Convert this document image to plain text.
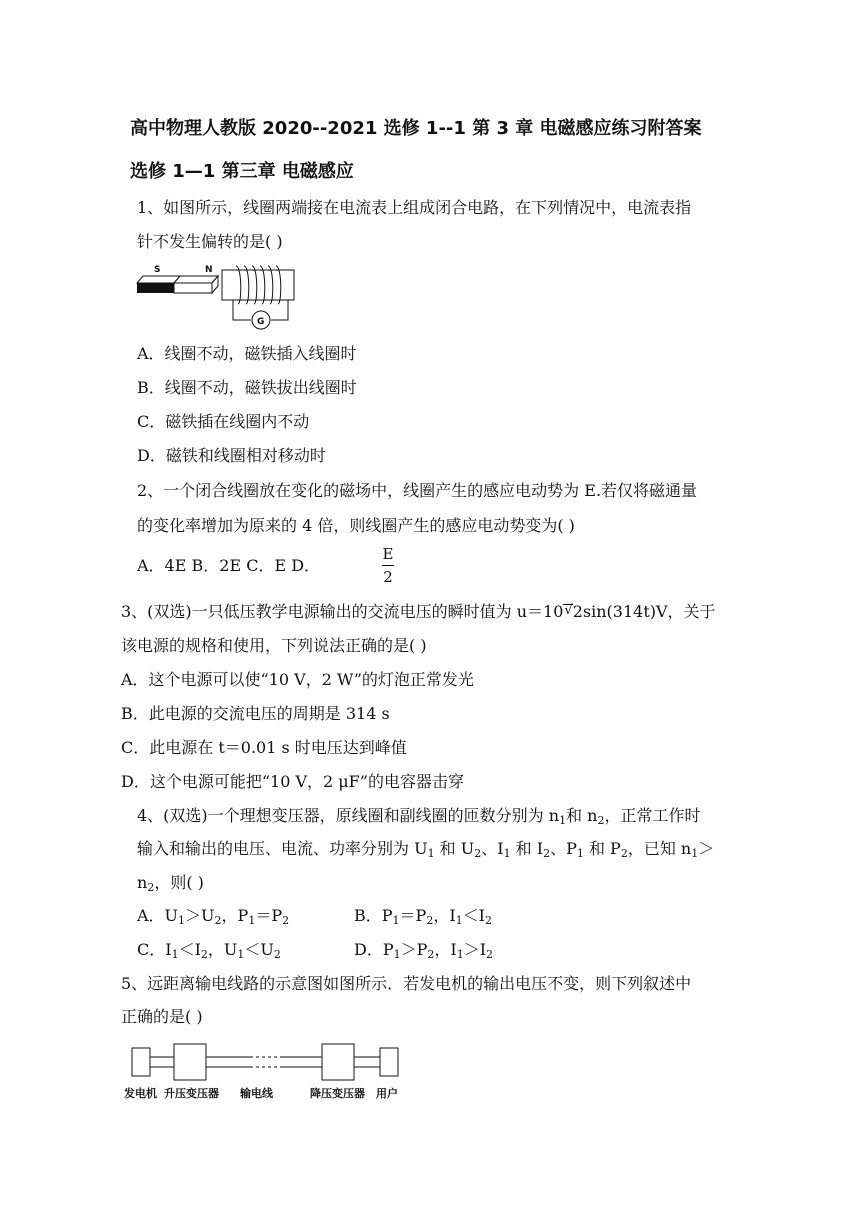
高中物理人教版 2020--2021 选修 1--1 第 3 章 电磁感应练习附答案
选修 1—1 第三章 电磁感应
1、如图所示，线圈两端接在电流表上组成闭合电路，在下列情况中，电流表指
针不发生偏转的是( )
S	N
G
A．线圈不动，磁铁插入线圈时
B．线圈不动，磁铁拔出线圈时
C．磁铁插在线圈内不动
D．磁铁和线圈相对移动时
2、一个闭合线圈放在变化的磁场中，线圈产生的感应电动势为 E.若仅将磁通量
的变化率增加为原来的 4 倍，则线圈产生的感应电动势变为( )
A．4E B．2E C．E D．
E
2
3、(双选)一只低压教学电源输出的交流电压的瞬时值为 u＝10√2sin(314t)V，关于
该电源的规格和使用，下列说法正确的是( )
A．这个电源可以使“10 V，2 W”的灯泡正常发光
B．此电源的交流电压的周期是 314 s
C．此电源在 t＝0.01 s 时电压达到峰值
D．这个电源可能把“10 V，2 μF”的电容器击穿
4、(双选)一个理想变压器，原线圈和副线圈的匝数分别为 $n_1$和 $n_2$，正常工作时
输入和输出的电压、电流、功率分别为 $U_1$ 和 $U_2$、$I_1$ 和 $I_2$、$P_1$ 和 $P_2$，已知 $n_1>$
$n_2$，则( )
A．$U_1>U_2$，$P_1=P_2$	B．$P_1=P_2$，$I_1<I_2$
C．$I_1<I_2$，$U_1<U_2$	D．$P_1>P_2$，$I_1>I_2$
5、远距离输电线路的示意图如图所示．若发电机的输出电压不变，则下列叙述中
正确的是( )
发电机 升压变压器 输电线	降压变压器 用户
